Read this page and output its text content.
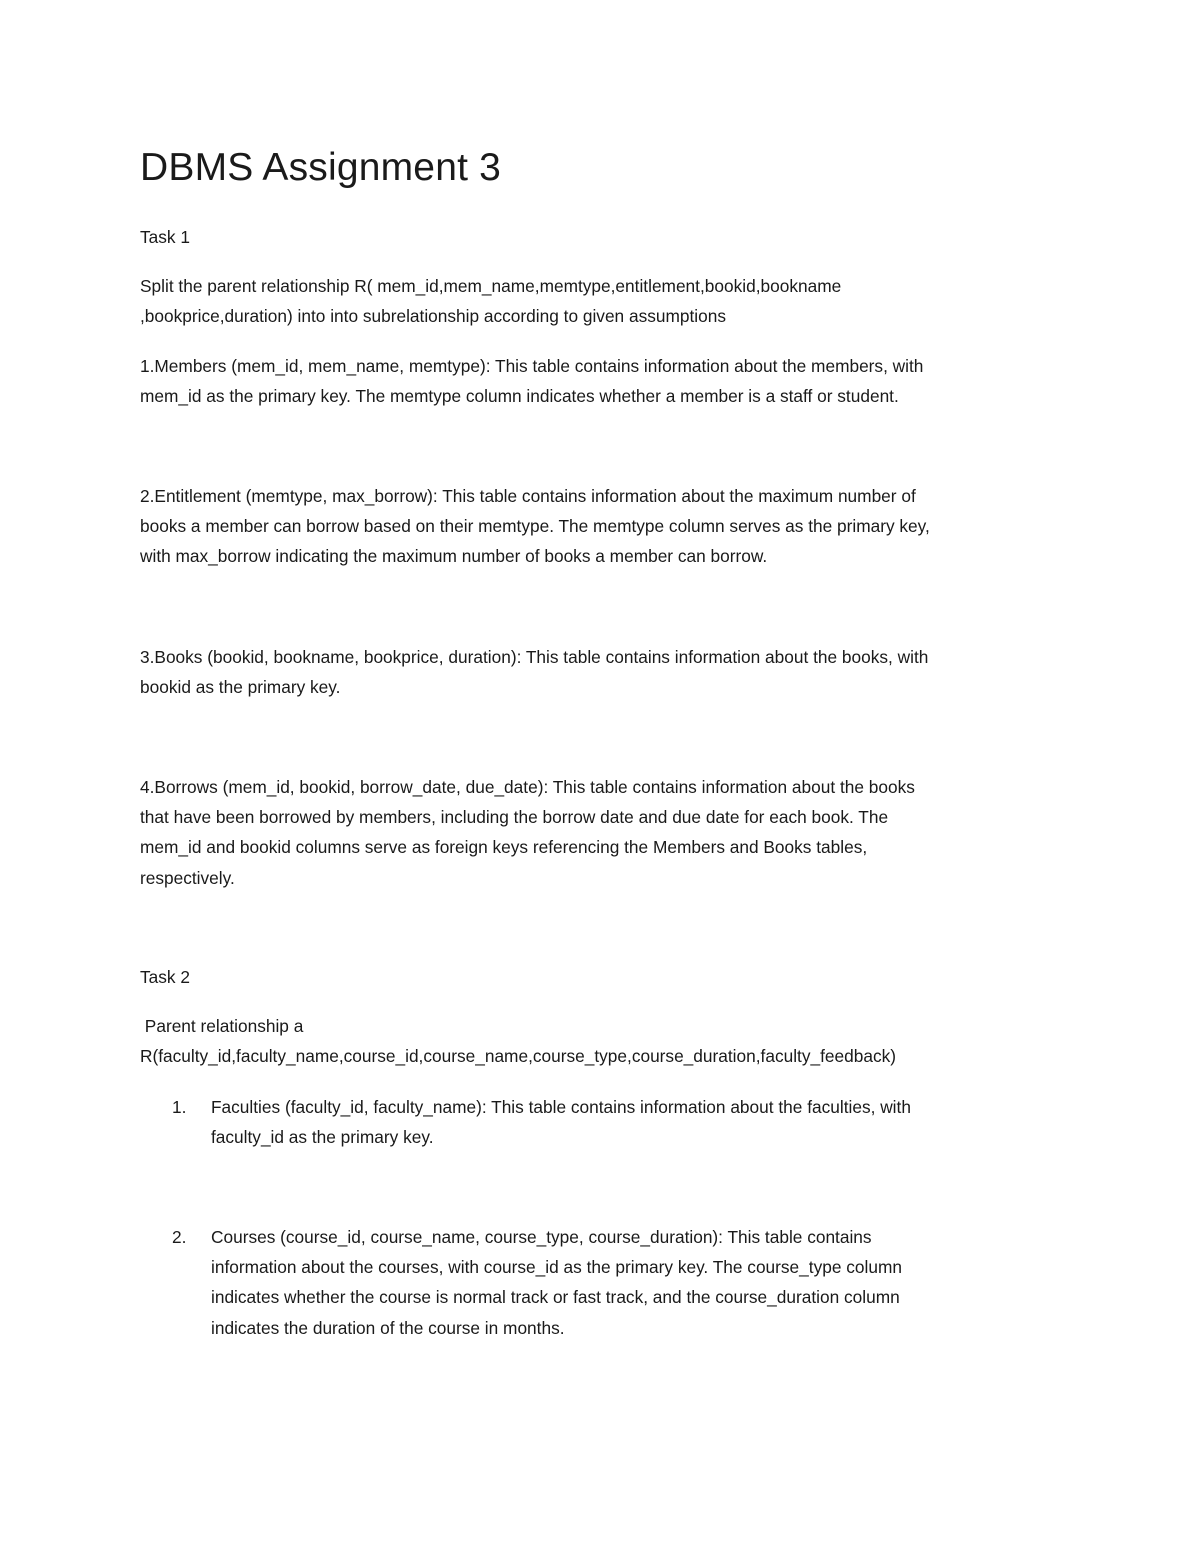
DBMS Assignment 3

Task 1

Split the parent relationship R( mem_id,mem_name,memtype,entitlement,bookid,bookname
,bookprice,duration) into into subrelationship according to given assumptions
1.Members (mem_id, mem_name, memtype): This table contains information about the members, with
mem_id as the primary key. The memtype column indicates whether a member is a staff or student.
2.Entitlement (memtype, max_borrow): This table contains information about the maximum number of
books a member can borrow based on their memtype. The memtype column serves as the primary key,
with max_borrow indicating the maximum number of books a member can borrow.
3.Books (bookid, bookname, bookprice, duration): This table contains information about the books, with
bookid as the primary key.
4.Borrows (mem_id, bookid, borrow_date, due_date): This table contains information about the books
that have been borrowed by members, including the borrow date and due date for each book. The
mem_id and bookid columns serve as foreign keys referencing the Members and Books tables,
respectively.

Task 2

Parent relationship a
R(faculty_id,faculty_name,course_id,course_name,course_type,course_duration,faculty_feedback)
1. Faculties (faculty_id, faculty_name): This table contains information about the faculties, with
faculty_id as the primary key.
2. Courses (course_id, course_name, course_type, course_duration): This table contains
information about the courses, with course_id as the primary key. The course_type column
indicates whether the course is normal track or fast track, and the course_duration column
indicates the duration of the course in months.
